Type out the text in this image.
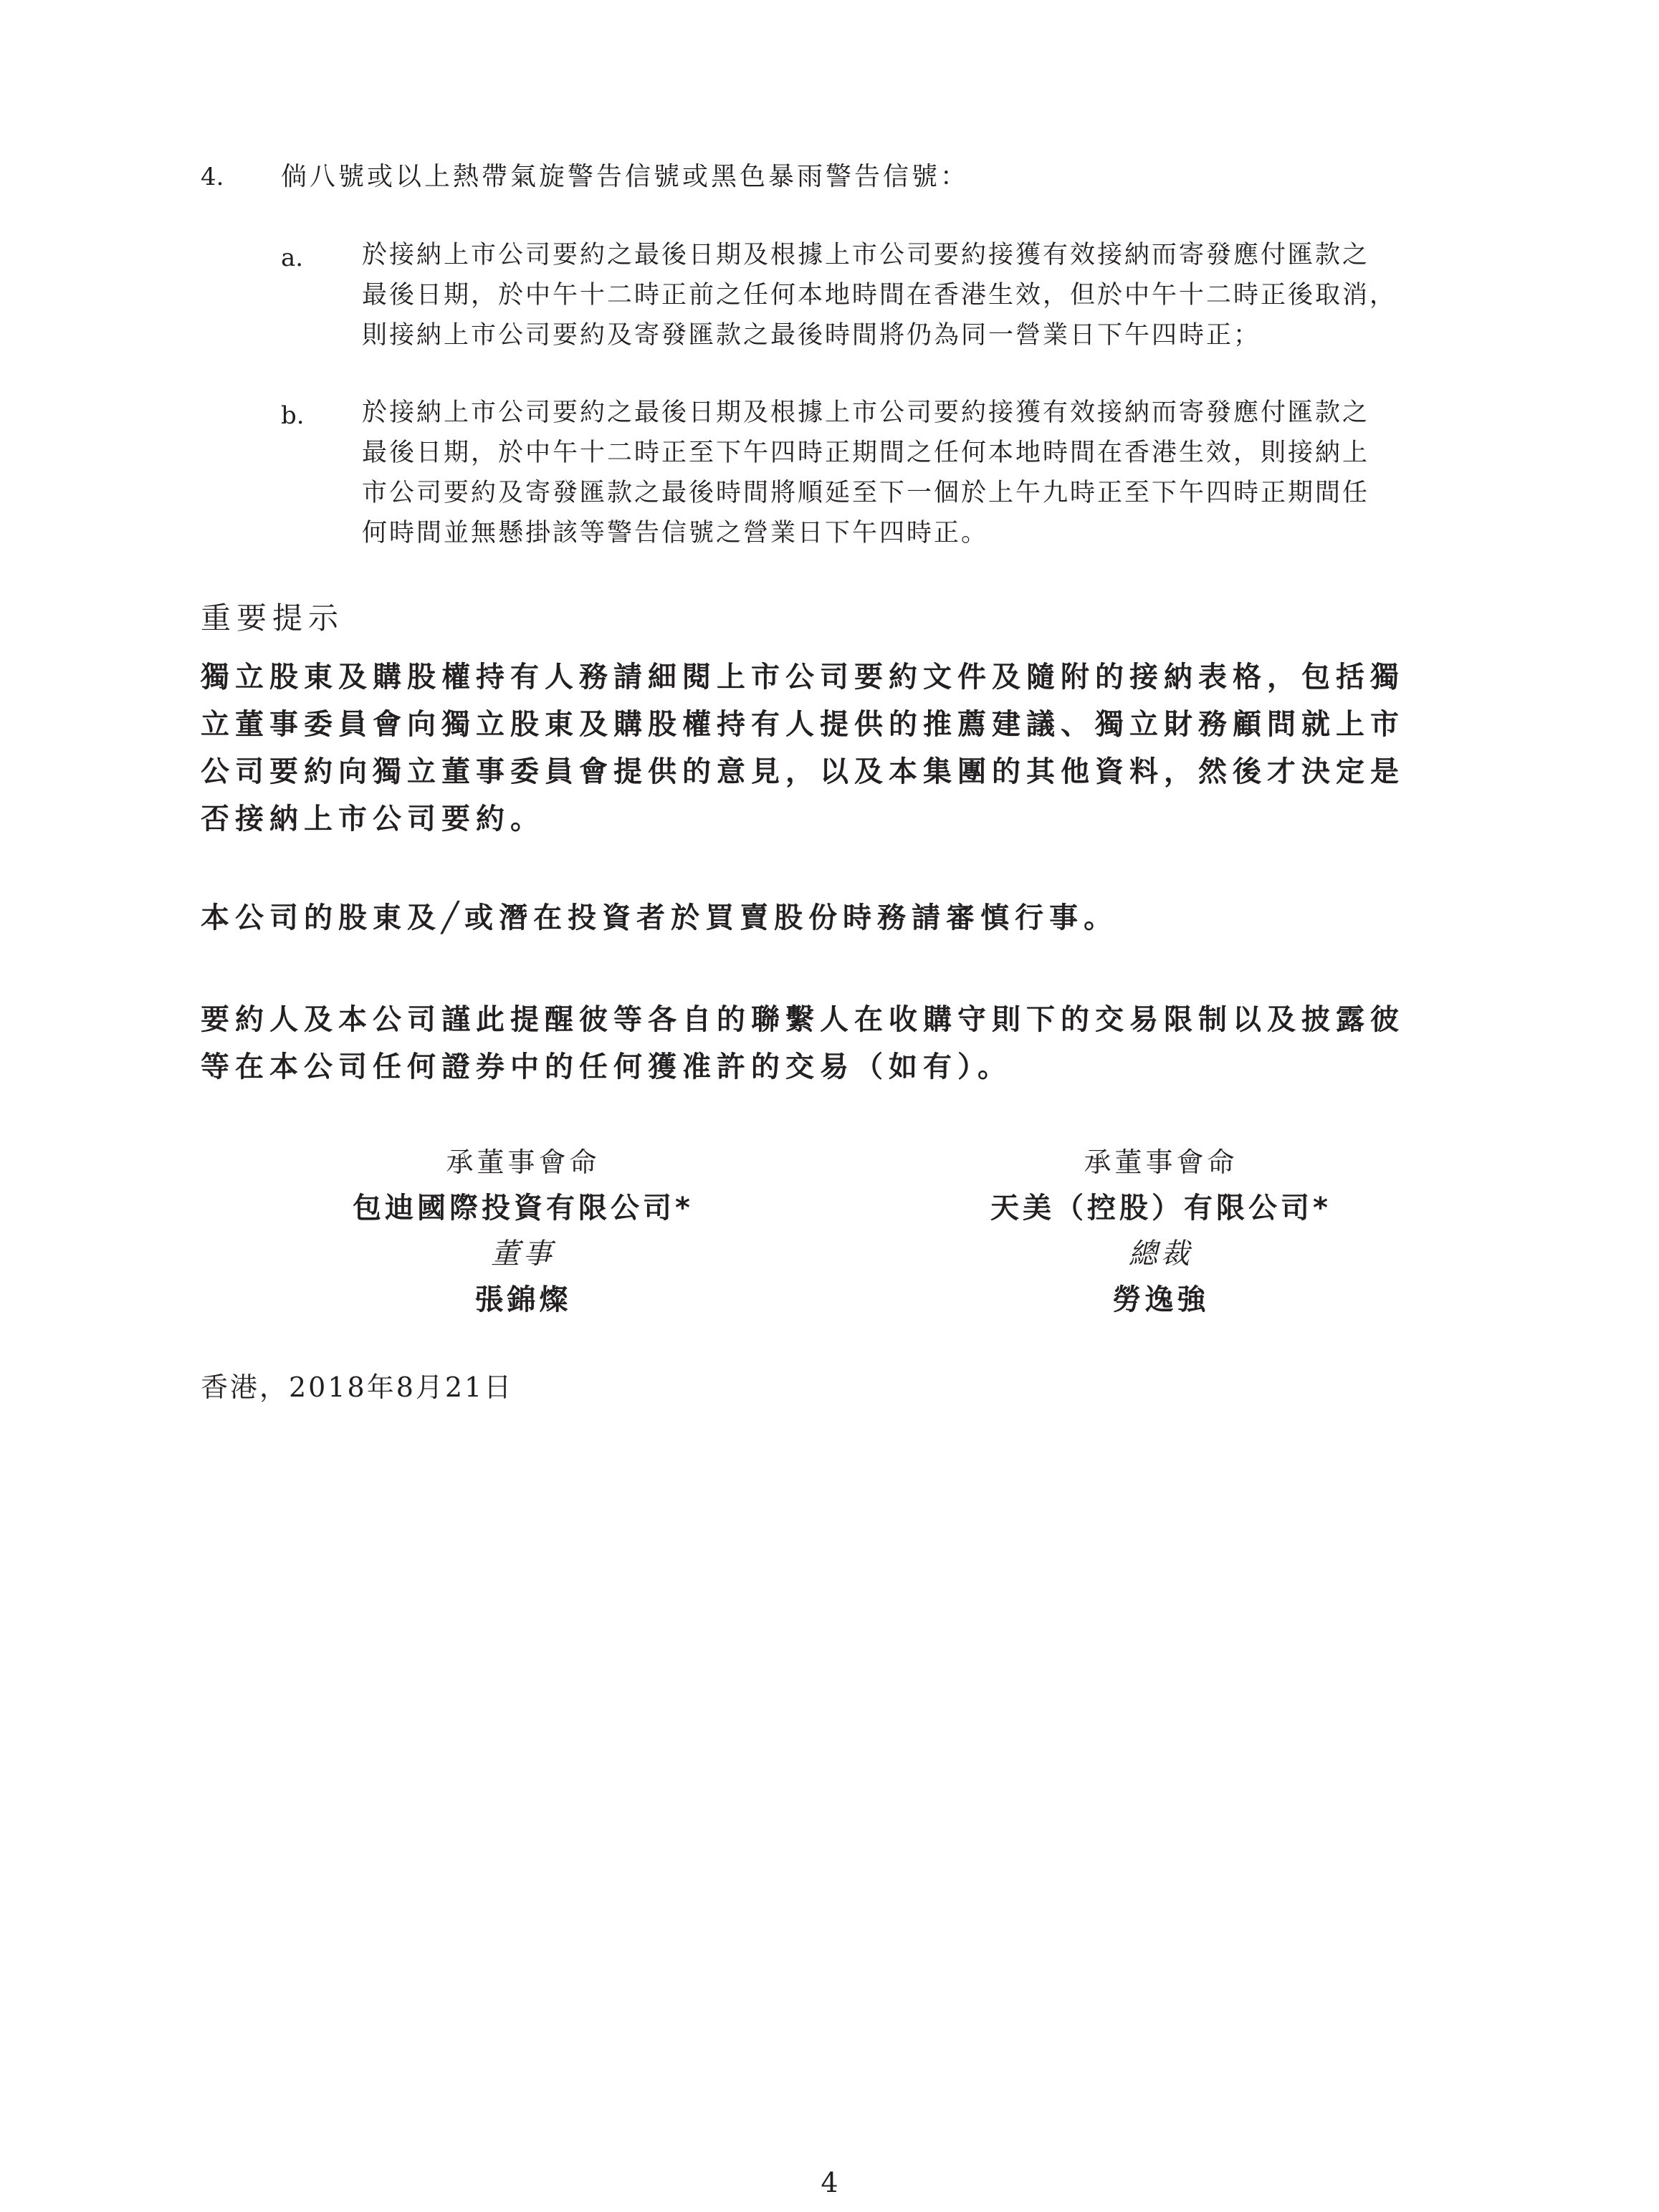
4. 倘八號或以上熱帶氣旋警告信號或黑色暴雨警告信號：
a. 於接納上市公司要約之最後日期及根據上市公司要約接獲有效接納而寄發應付匯款之
最後日期，於中午十二時正前之任何本地時間在香港生效，但於中午十二時正後取消，
則接納上市公司要約及寄發匯款之最後時間將仍為同一營業日下午四時正；
b. 於接納上市公司要約之最後日期及根據上市公司要約接獲有效接納而寄發應付匯款之
最後日期，於中午十二時正至下午四時正期間之任何本地時間在香港生效，則接納上
市公司要約及寄發匯款之最後時間將順延至下一個於上午九時正至下午四時正期間任
何時間並無懸掛該等警告信號之營業日下午四時正。
重要提示
獨立股東及購股權持有人務請細閱上市公司要約文件及隨附的接納表格，包括獨
立董事委員會向獨立股東及購股權持有人提供的推薦建議、獨立財務顧問就上市
公司要約向獨立董事委員會提供的意見，以及本集團的其他資料，然後才決定是
否接納上市公司要約。
本公司的股東及╱或潛在投資者於買賣股份時務請審慎行事。
要約人及本公司謹此提醒彼等各自的聯繫人在收購守則下的交易限制以及披露彼
等在本公司任何證券中的任何獲准許的交易（如有）。
承董事會命
包迪國際投資有限公司*
董事
張錦燦
承董事會命
天美（控股）有限公司*
總裁
勞逸強
香港，2018年8月21日
4
